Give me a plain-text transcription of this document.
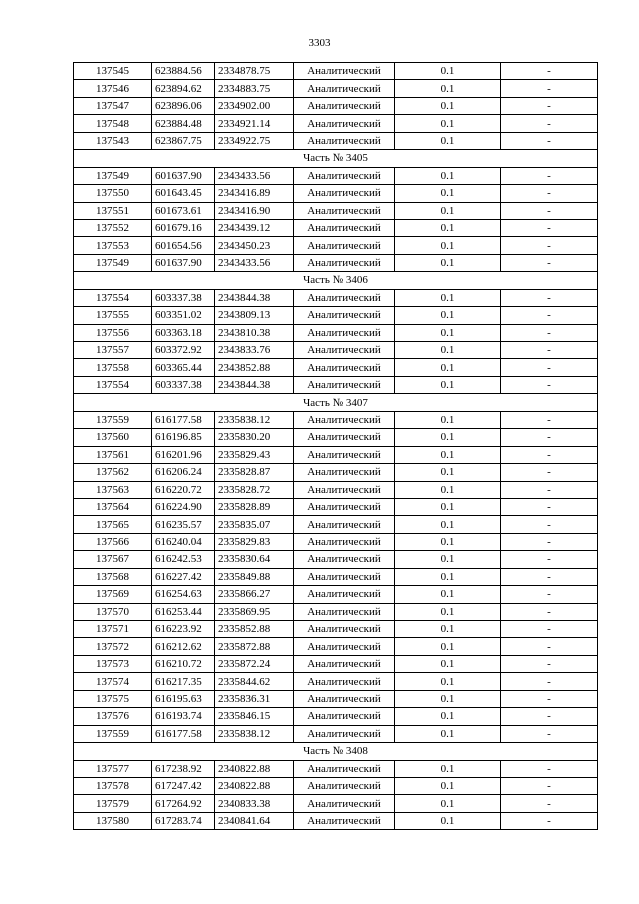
3303
137545	623884.56	2334878.75	Аналитический	0.1	-
137546	623894.62	2334883.75	Аналитический	0.1	-
137547	623896.06	2334902.00	Аналитический	0.1	-
137548	623884.48	2334921.14	Аналитический	0.1	-
137543	623867.75	2334922.75	Аналитический	0.1	-
Часть № 3405					
137549	601637.90	2343433.56	Аналитический	0.1	-
137550	601643.45	2343416.89	Аналитический	0.1	-
137551	601673.61	2343416.90	Аналитический	0.1	-
137552	601679.16	2343439.12	Аналитический	0.1	-
137553	601654.56	2343450.23	Аналитический	0.1	-
137549	601637.90	2343433.56	Аналитический	0.1	-
Часть № 3406					
137554	603337.38	2343844.38	Аналитический	0.1	-
137555	603351.02	2343809.13	Аналитический	0.1	-
137556	603363.18	2343810.38	Аналитический	0.1	-
137557	603372.92	2343833.76	Аналитический	0.1	-
137558	603365.44	2343852.88	Аналитический	0.1	-
137554	603337.38	2343844.38	Аналитический	0.1	-
Часть № 3407					
137559	616177.58	2335838.12	Аналитический	0.1	-
137560	616196.85	2335830.20	Аналитический	0.1	-
137561	616201.96	2335829.43	Аналитический	0.1	-
137562	616206.24	2335828.87	Аналитический	0.1	-
137563	616220.72	2335828.72	Аналитический	0.1	-
137564	616224.90	2335828.89	Аналитический	0.1	-
137565	616235.57	2335835.07	Аналитический	0.1	-
137566	616240.04	2335829.83	Аналитический	0.1	-
137567	616242.53	2335830.64	Аналитический	0.1	-
137568	616227.42	2335849.88	Аналитический	0.1	-
137569	616254.63	2335866.27	Аналитический	0.1	-
137570	616253.44	2335869.95	Аналитический	0.1	-
137571	616223.92	2335852.88	Аналитический	0.1	-
137572	616212.62	2335872.88	Аналитический	0.1	-
137573	616210.72	2335872.24	Аналитический	0.1	-
137574	616217.35	2335844.62	Аналитический	0.1	-
137575	616195.63	2335836.31	Аналитический	0.1	-
137576	616193.74	2335846.15	Аналитический	0.1	-
137559	616177.58	2335838.12	Аналитический	0.1	-
Часть № 3408					
137577	617238.92	2340822.88	Аналитический	0.1	-
137578	617247.42	2340822.88	Аналитический	0.1	-
137579	617264.92	2340833.38	Аналитический	0.1	-
137580	617283.74	2340841.64	Аналитический	0.1	-
